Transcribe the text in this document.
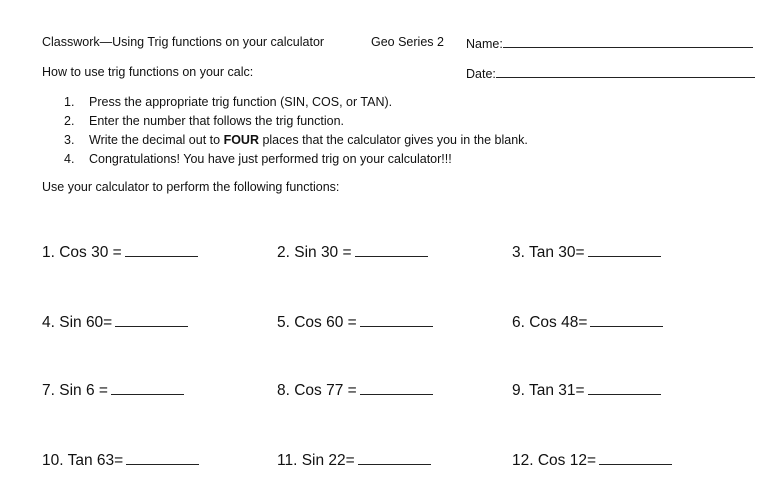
Classwork—Using Trig functions on your calculator	Geo Series 2 Name:
Date:
How to use trig functions on your calc:
1.	Press the appropriate trig function (SIN, COS, or TAN).
2.	Enter the number that follows the trig function.
3.	Write the decimal out to FOUR places that the calculator gives you in the blank.
4.	Congratulations! You have just performed trig on your calculator!!!
Use your calculator to perform the following functions:
1. Cos 30 =	2. Sin 30 =	3. Tan 30=
4. Sin 60=	5. Cos 60 =	6. Cos 48=
7. Sin 6 =	8. Cos 77 =	9. Tan 31=
10. Tan 63=	11. Sin 22=	12. Cos 12=
